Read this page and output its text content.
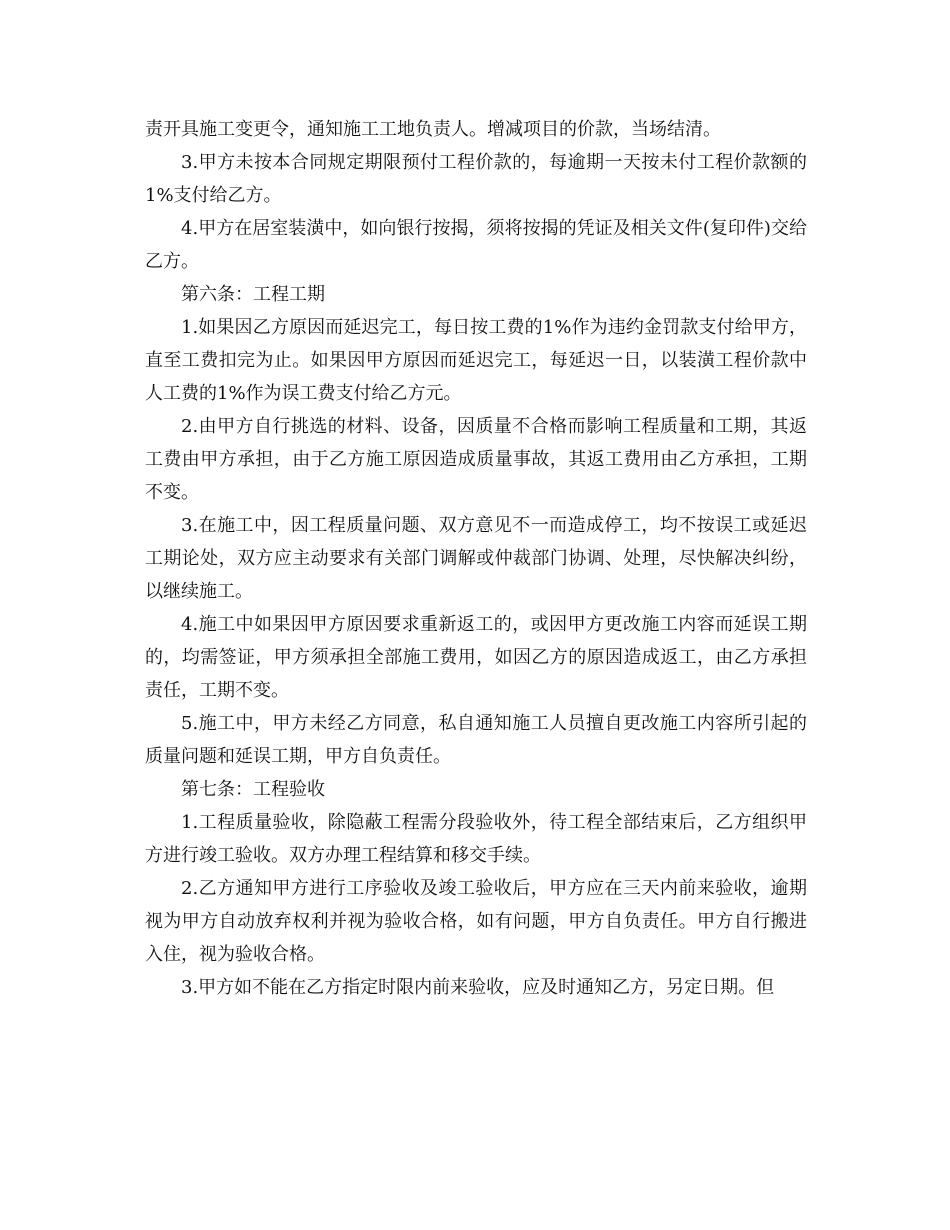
责开具施工变更令，通知施工工地负责人。增减项目的价款，当场结清。

3.甲方未按本合同规定期限预付工程价款的，每逾期一天按未付工程价款额的1%支付给乙方。

4.甲方在居室装潢中，如向银行按揭，须将按揭的凭证及相关文件(复印件)交给乙方。

第六条：工程工期

1.如果因乙方原因而延迟完工，每日按工费的1%作为违约金罚款支付给甲方，直至工费扣完为止。如果因甲方原因而延迟完工，每延迟一日，以装潢工程价款中人工费的1%作为误工费支付给乙方元。

2.由甲方自行挑选的材料、设备，因质量不合格而影响工程质量和工期，其返工费由甲方承担，由于乙方施工原因造成质量事故，其返工费用由乙方承担，工期不变。

3.在施工中，因工程质量问题、双方意见不一而造成停工，均不按误工或延迟工期论处，双方应主动要求有关部门调解或仲裁部门协调、处理，尽快解决纠纷，以继续施工。

4.施工中如果因甲方原因要求重新返工的，或因甲方更改施工内容而延误工期的，均需签证，甲方须承担全部施工费用，如因乙方的原因造成返工，由乙方承担责任，工期不变。

5.施工中，甲方未经乙方同意，私自通知施工人员擅自更改施工内容所引起的质量问题和延误工期，甲方自负责任。

第七条：工程验收

1.工程质量验收，除隐蔽工程需分段验收外，待工程全部结束后，乙方组织甲方进行竣工验收。双方办理工程结算和移交手续。

2.乙方通知甲方进行工序验收及竣工验收后，甲方应在三天内前来验收，逾期视为甲方自动放弃权利并视为验收合格，如有问题，甲方自负责任。甲方自行搬进入住，视为验收合格。

3.甲方如不能在乙方指定时限内前来验收，应及时通知乙方，另定日期。但
